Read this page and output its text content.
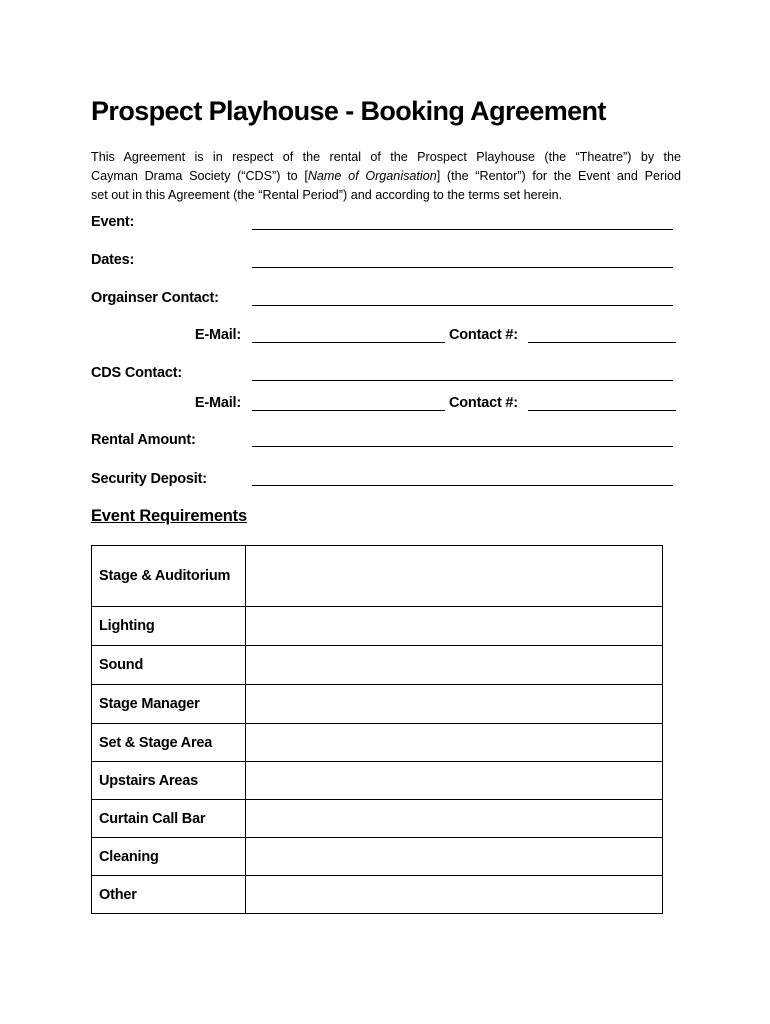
Prospect Playhouse - Booking Agreement
This Agreement is in respect of the rental of the Prospect Playhouse (the “Theatre”) by the
Cayman Drama Society (“CDS”) to [Name of Organisation] (the “Rentor”) for the Event and Period
set out in this Agreement (the “Rental Period”) and according to the terms set herein.
Event:
Dates:
Orgainser Contact:
E-Mail:	Contact #:
CDS Contact:
E-Mail:	Contact #:
Rental Amount:
Security Deposit:
Event Requirements
Stage & Auditorium	
Lighting	
Sound	
Stage Manager	
Set & Stage Area	
Upstairs Areas	
Curtain Call Bar	
Cleaning	
Other	
